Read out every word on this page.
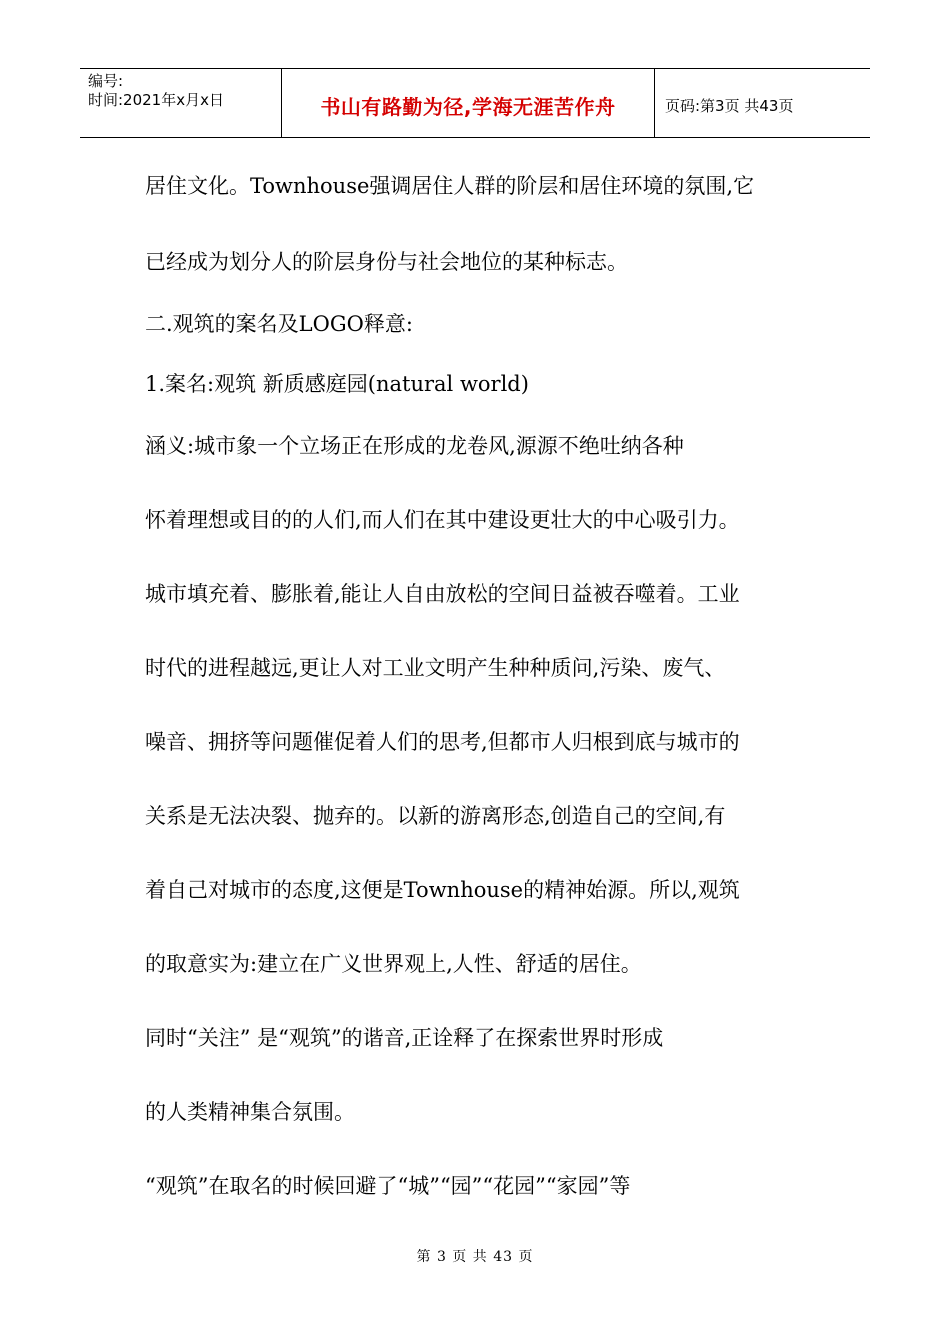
编号:
时间:2021年x月x日	书山有路勤为径,学海无涯苦作舟	页码:第3页 共43页
居住文化。Townhouse强调居住人群的阶层和居住环境的氛围,它
已经成为划分人的阶层身份与社会地位的某种标志。
二.观筑的案名及LOGO释意:
1.案名:观筑 新质感庭园(natural world)
涵义:城市象一个立场正在形成的龙卷风,源源不绝吐纳各种
怀着理想或目的的人们,而人们在其中建设更壮大的中心吸引力。
城市填充着、膨胀着,能让人自由放松的空间日益被吞噬着。工业
时代的进程越远,更让人对工业文明产生种种质问,污染、废气、
噪音、拥挤等问题催促着人们的思考,但都市人归根到底与城市的
关系是无法决裂、抛弃的。以新的游离形态,创造自己的空间,有
着自己对城市的态度,这便是Townhouse的精神始源。所以,观筑
的取意实为:建立在广义世界观上,人性、舒适的居住。
同时“关注” 是“观筑”的谐音,正诠释了在探索世界时形成
的人类精神集合氛围。
“观筑”在取名的时候回避了“城”“园”“花园”“家园”等
第 3 页 共 43 页
